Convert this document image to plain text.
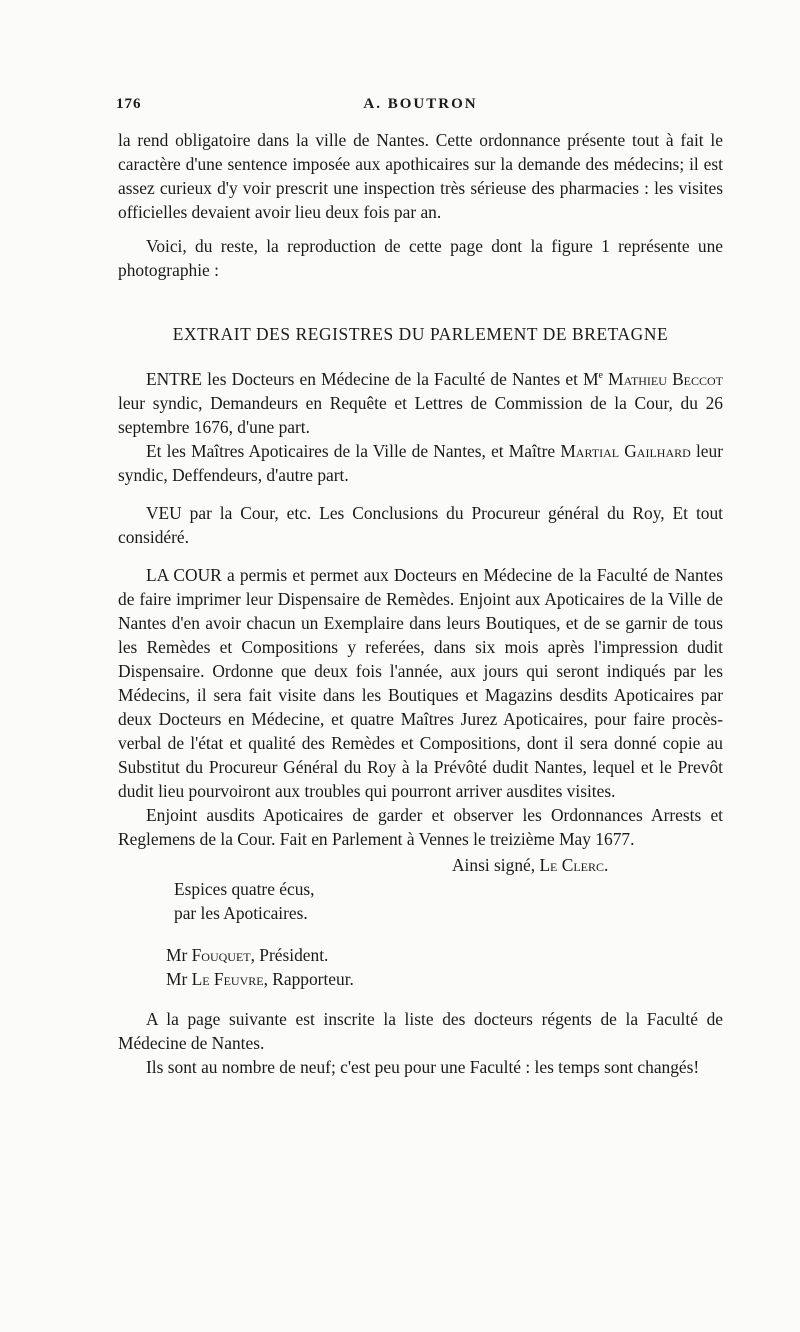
176	A. BOUTRON

la rend obligatoire dans la ville de Nantes. Cette ordonnance présente tout à fait le caractère d'une sentence imposée aux apothicaires sur la demande des médecins; il est assez curieux d'y voir prescrit une inspection très sérieuse des pharmacies : les visites officielles devaient avoir lieu deux fois par an.

Voici, du reste, la reproduction de cette page dont la figure 1 représente une photographie :

EXTRAIT DES REGISTRES DU PARLEMENT DE BRETAGNE

ENTRE les Docteurs en Médecine de la Faculté de Nantes et Me Mathieu Beccot leur syndic, Demandeurs en Requête et Lettres de Commission de la Cour, du 26 septembre 1676, d'une part.

Et les Maîtres Apoticaires de la Ville de Nantes, et Maître Martial Gailhard leur syndic, Deffendeurs, d'autre part.

VEU par la Cour, etc. Les Conclusions du Procureur général du Roy, Et tout considéré.

LA COUR a permis et permet aux Docteurs en Médecine de la Faculté de Nantes de faire imprimer leur Dispensaire de Remèdes. Enjoint aux Apoticaires de la Ville de Nantes d'en avoir chacun un Exemplaire dans leurs Boutiques, et de se garnir de tous les Remèdes et Compositions y referées, dans six mois après l'impression dudit Dispensaire. Ordonne que deux fois l'année, aux jours qui seront indiqués par les Médecins, il sera fait visite dans les Boutiques et Magazins desdits Apoticaires par deux Docteurs en Médecine, et quatre Maîtres Jurez Apoticaires, pour faire procès-verbal de l'état et qualité des Remèdes et Compositions, dont il sera donné copie au Substitut du Procureur Général du Roy à la Prévôté dudit Nantes, lequel et le Prevôt dudit lieu pourvoiront aux troubles qui pourront arriver ausdites visites.

Enjoint ausdits Apoticaires de garder et observer les Ordonnances Arrests et Reglemens de la Cour. Fait en Parlement à Vennes le treizième May 1677.

Ainsi signé, Le Clerc.

Espices quatre écus,

par les Apoticaires.

Mr Fouquet, Président.

Mr Le Feuvre, Rapporteur.

A la page suivante est inscrite la liste des docteurs régents de la Faculté de Médecine de Nantes.

Ils sont au nombre de neuf; c'est peu pour une Faculté : les temps sont changés!
